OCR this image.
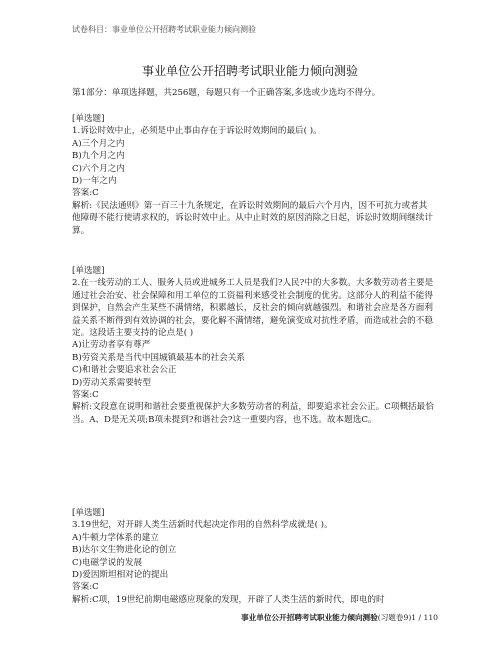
试卷科目：事业单位公开招聘考试职业能力倾向测验
事业单位公开招聘考试职业能力倾向测验
第1部分：单项选择题，共256题，每题只有一个正确答案,多选或少选均不得分。
[单选题]
1.诉讼时效中止，必须是中止事由存在于诉讼时效期间的最后( )。
A)三个月之内
B)九个月之内
C)六个月之内
D)一年之内
答案:C
解析:《民法通则》第一百三十九条规定，在诉讼时效期间的最后六个月内，因不可抗力或者其他障碍不能行使请求权的，诉讼时效中止。从中止时效的原因消除之日起，诉讼时效期间继续计算。
[单选题]
2.在一线劳动的工人、服务人员或进城务工人员是我们?人民?中的大多数。大多数劳动者主要是通过社会治安、社会保障和用工单位的工资福利来感受社会制度的优劣。这部分人的利益不能得到保护，自然会产生某些不满情绪，积累越长，反社会的倾向就越强烈。和谐社会应是各方面利益关系不断得到有效协调的社会，要化解不满情绪，避免演变成对抗性矛盾，而造成社会的不稳定。这段话主要支持的论点是( )
A)让劳动者享有尊严
B)劳资关系是当代中国城镇最基本的社会关系
C)和谐社会要追求社会公正
D)劳动关系需要转型
答案:C
解析:文段意在说明和谐社会要重视保护大多数劳动者的利益，即要追求社会公正。C项概括最恰当。A、D是无关项;B项未提到?和谐社会?这一重要内容，也不选。故本题选C。
[单选题]
3.19世纪，对开辟人类生活新时代起决定作用的自然科学成就是( )。
A)牛顿力学体系的建立
B)达尔文生物进化论的创立
C)电磁学说的发展
D)爱因斯坦相对论的提出
答案:C
解析:C项，19世纪前期电磁感应现象的发现，开辟了人类生活的新时代，即电的时
事业单位公开招聘考试职业能力倾向测验(习题卷9)1 / 110
